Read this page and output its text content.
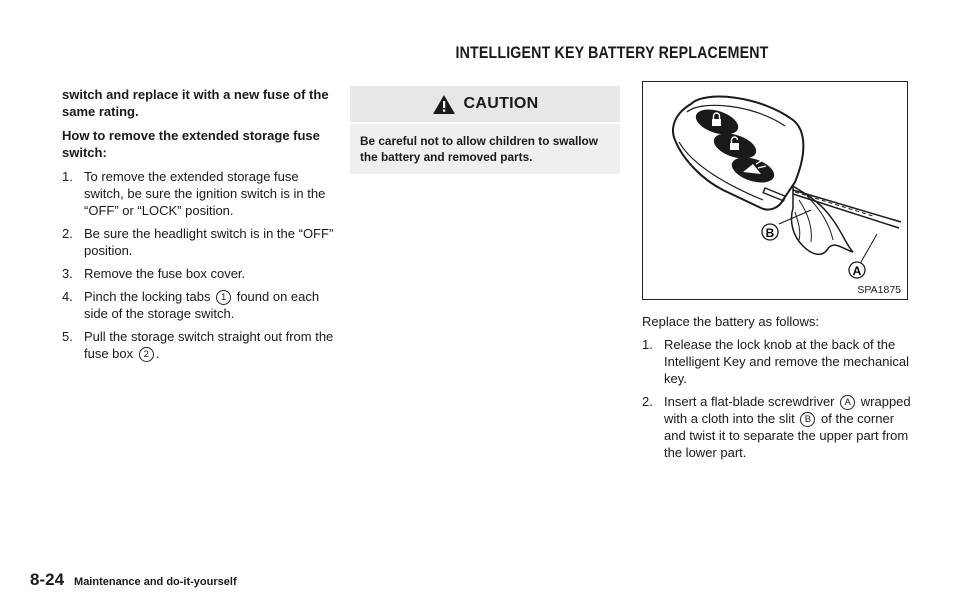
INTELLIGENT KEY BATTERY REPLACEMENT

switch and replace it with a new fuse of the same rating.

How to remove the extended storage fuse switch:

1. To remove the extended storage fuse switch, be sure the ignition switch is in the “OFF” or “LOCK” position.
2. Be sure the headlight switch is in the “OFF” position.
3. Remove the fuse box cover.
4. Pinch the locking tabs 1 found on each side of the storage switch.
5. Pull the storage switch straight out from the fuse box 2 .
CAUTION
Be careful not to allow children to swallow the battery and removed parts.
B
A
SPA1875

Replace the battery as follows:

1. Release the lock knob at the back of the Intelligent Key and remove the mechanical key.
2. Insert a flat-blade screwdriver A wrapped with a cloth into the slit B of the corner and twist it to separate the upper part from the lower part.
8-24 Maintenance and do-it-yourself
